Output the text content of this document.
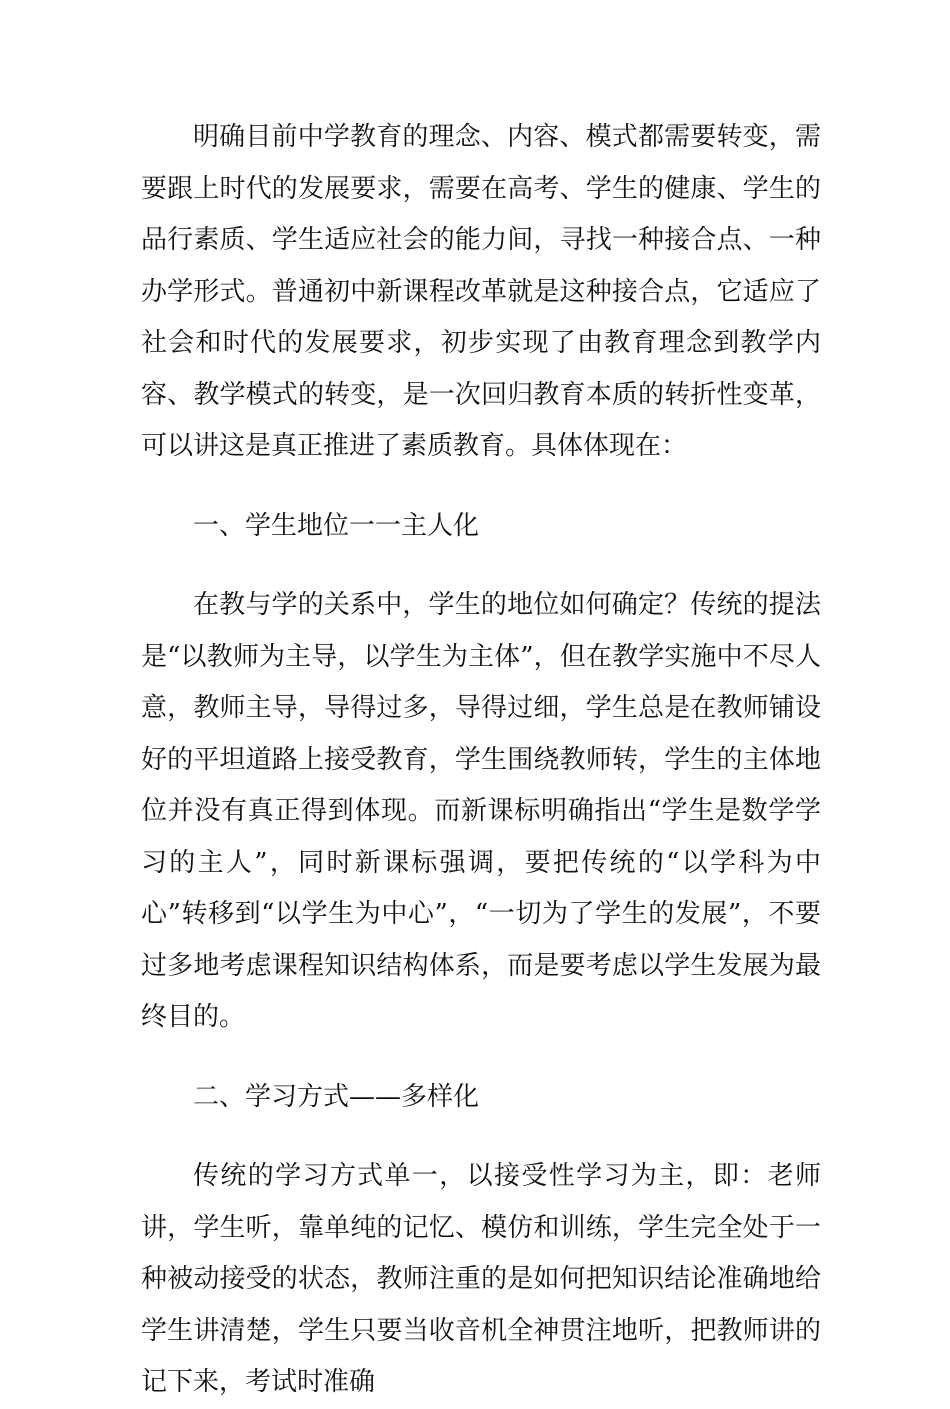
明确目前中学教育的理念、内容、模式都需要转变，需要跟上时代的发展要求，需要在高考、学生的健康、学生的品行素质、学生适应社会的能力间，寻找一种接合点、一种办学形式。普通初中新课程改革就是这种接合点，它适应了社会和时代的发展要求，初步实现了由教育理念到教学内容、教学模式的转变，是一次回归教育本质的转折性变革，可以讲这是真正推进了素质教育。具体体现在：

一、学生地位一一主人化

在教与学的关系中，学生的地位如何确定？传统的提法是“以教师为主导，以学生为主体”，但在教学实施中不尽人意，教师主导，导得过多，导得过细，学生总是在教师铺设好的平坦道路上接受教育，学生围绕教师转，学生的主体地位并没有真正得到体现。而新课标明确指出“学生是数学学习的主人”，同时新课标强调，要把传统的“以学科为中心”转移到“以学生为中心”，“一切为了学生的发展”，不要过多地考虑课程知识结构体系，而是要考虑以学生发展为最终目的。

二、学习方式——多样化

传统的学习方式单一，以接受性学习为主，即：老师讲，学生听，靠单纯的记忆、模仿和训练，学生完全处于一种被动接受的状态，教师注重的是如何把知识结论准确地给学生讲清楚，学生只要当收音机全神贯注地听，把教师讲的记下来，考试时准确
